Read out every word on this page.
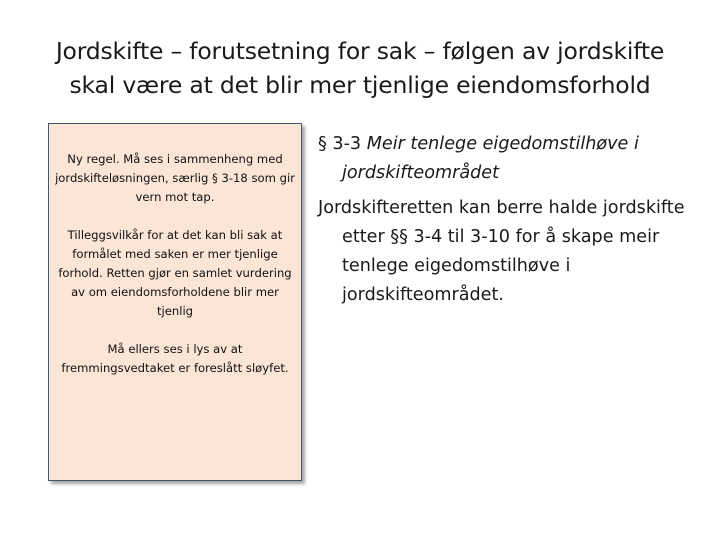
Jordskifte – forutsetning for sak – følgen av jordskifte
skal være at det blir mer tjenlige eiendomsforhold

Ny regel. Må ses i sammenheng med jordskifteløsningen, særlig § 3-18 som gir vern mot tap.

Tilleggsvilkår for at det kan bli sak at formålet med saken er mer tjenlige forhold. Retten gjør en samlet vurdering av om eiendomsforholdene blir mer tjenlig

Må ellers ses i lys av at fremmingsvedtaket er foreslått sløyfet.

§ 3-3 Meir tenlege eigedomstilhøve i jordskifteområdet

Jordskifteretten kan berre halde jordskifte etter §§ 3-4 til 3-10 for å skape meir tenlege eigedomstilhøve i jordskifteområdet.
